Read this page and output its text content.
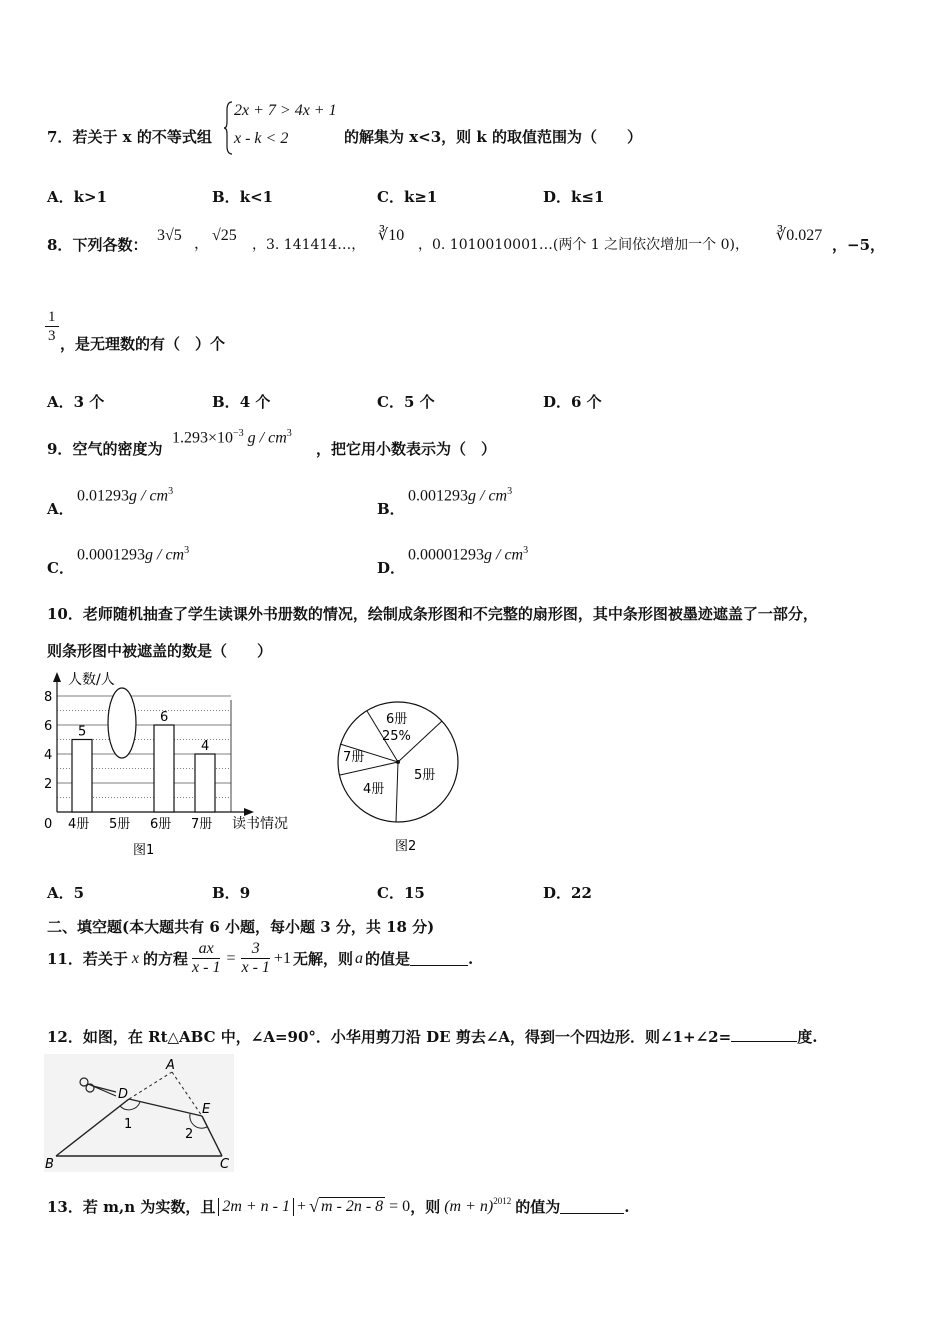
2x + 7 > 4x + 1
x - k < 2
7．若关于 x 的不等式组	的解集为 x<3，则 k 的取值范围为（　　）
A．k>1	B．k<1	C．k≥1	D．k≤1
8．下列各数：
3√5 ， √25
，3. 141414…，
∛10
，0. 1010010001…(两个 1 之间依次增加一个 0)，
∛0.027
，−5，
$\frac{1}{3}$ ，是无理数的有（　）个
A．3 个	B．4 个	C．5 个	D．6 个
9．空气的密度为
$1.293\times 10^{-3}$ g / $cm^3$
，把它用小数表示为（　）
A．
$0.01293g / cm^3$
B．
$0.001293g / cm^3$
C．
$0.0001293g / cm^3$
D．
$0.00001293g / cm^3$
10．老师随机抽查了学生读课外书册数的情况，绘制成条形图和不完整的扇形图，其中条形图被墨迹遮盖了一部分，
则条形图中被遮盖的数是（　　）
人数/人
读书情况
0
2
4
6
8
5
4册 5册
6
6册
4
7册
图1
6册
25%
5册
4册
7册
图2
A．5	B．9	C．15	D．22
二、填空题(本大题共有 6 小题，每小题 3 分，共 18 分)
11． 若关于 x 的方程 $\frac{ax}{x - 1} = \frac{3}{x - 1} +1$ 无解，则 a 的值是	.
12．如图，在 Rt△ABC 中，∠A=90°．小华用剪刀沿 DE 剪去∠A，得到一个四边形．则∠1+∠2=	度.
A
B	C
D
E
1
2
13． 若 m,n 为实数，且 2m + n - 1 + √ m - 2n - 8 = 0 ，则 $(m + n)^{2012}$ 的值为	.
